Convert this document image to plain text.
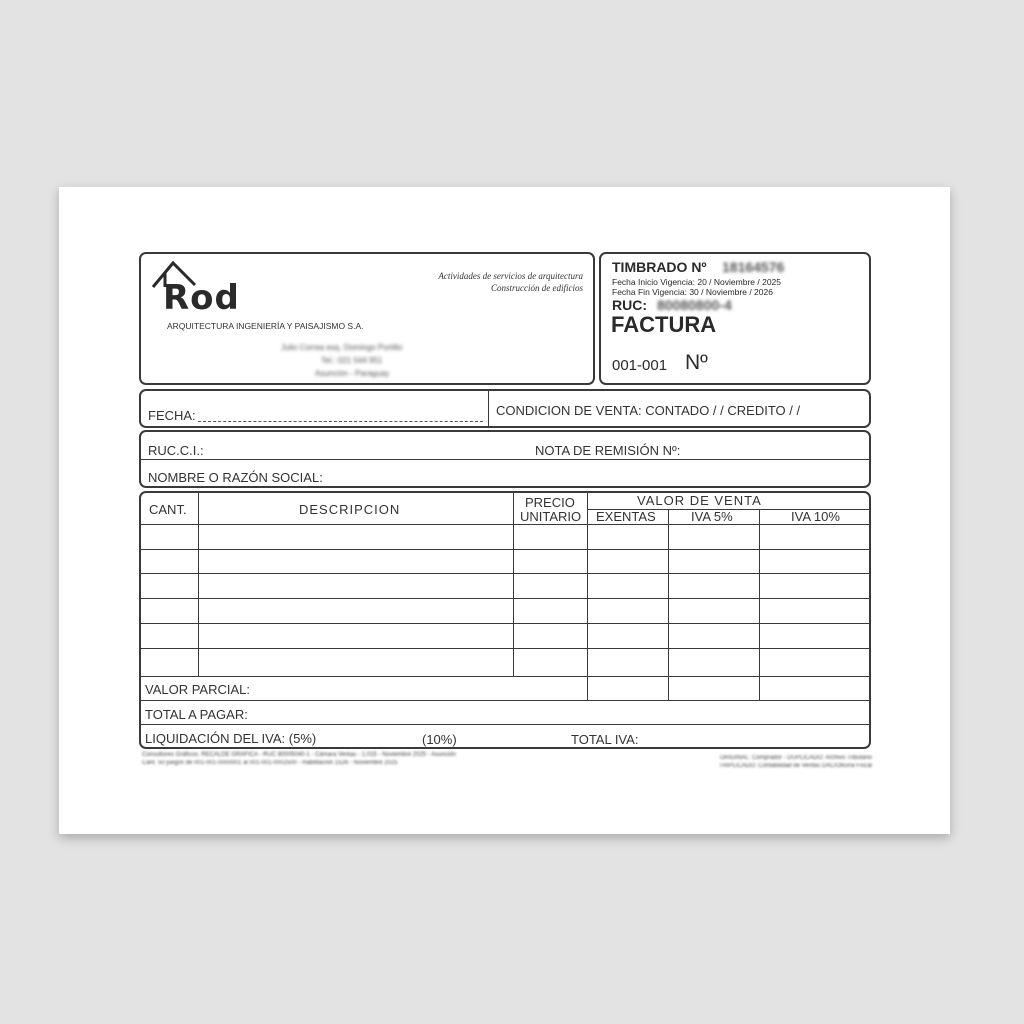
Rod
ARQUITECTURA INGENIERÍA Y PAISAJISMO S.A.
Actividades de servicios de arquitectura
Construcción de edificios
Julio Correa esq. Domingo Portillo
Tel.: 021 544 951
Asunción - Paraguay
TIMBRADO Nº 18164576
Fecha Inicio Vigencia: 20 / Noviembre / 2025
Fecha Fin Vigencia: 30 / Noviembre / 2026
RUC: 80080800-4
FACTURA
001-001 Nº
FECHA:	CONDICION DE VENTA: CONTADO / / CREDITO / /
RUC.C.I.:	NOTA DE REMISIÓN Nº:
NOMBRE O RAZÓN SOCIAL:
CANT.	DESCRIPCION	PRECIO
UNITARIO
VALOR DE VENTA
EXENTAS	IVA 5%	IVA 10%
VALOR PARCIAL:
TOTAL A PAGAR:
LIQUIDACIÓN DEL IVA: (5%)	(10%)	TOTAL IVA:
Consultores Gráficos: RECALDE GRÁFICA - RUC 80005040-1 - Cámara Ventas - 1.015 - Noviembre 2025 - Asunción
Cant. 50 juegos de 001-001-0000001 al 001-001-0002500 - Habilitación 1526 - Noviembre 2025
ORIGINAL: Comprador - DUPLICADO: Archivo Tributario
TRIPLICADO: Contabilidad de Ventas DAC/Oficina Fiscal
